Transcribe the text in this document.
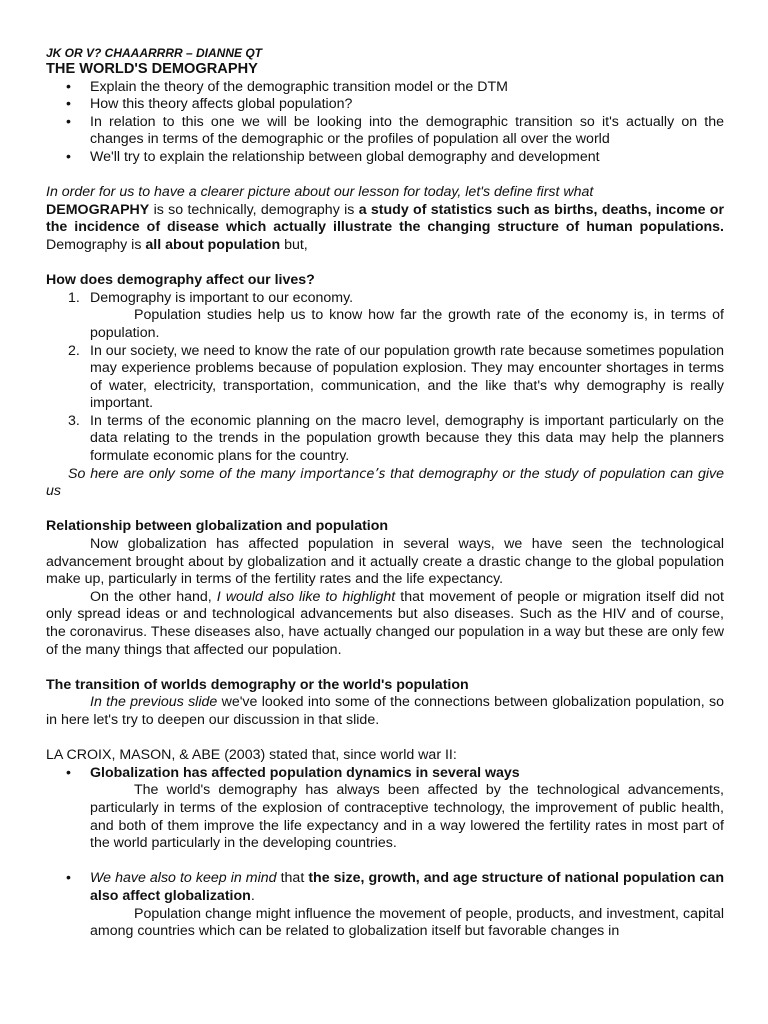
JK OR V? CHAAARRRR – DIANNE QT

THE WORLD'S DEMOGRAPHY

• Explain the theory of the demographic transition model or the DTM
• How this theory affects global population?
• In relation to this one we will be looking into the demographic transition so it's actually on the changes in terms of the demographic or the profiles of population all over the world
• We'll try to explain the relationship between global demography and development

In order for us to have a clearer picture about our lesson for today, let's define first what

DEMOGRAPHY is so technically, demography is a study of statistics such as births, deaths, income or the incidence of disease which actually illustrate the changing structure of human populations. Demography is all about population but,

How does demography affect our lives?

1. Demography is important to our economy.
Population studies help us to know how far the growth rate of the economy is, in terms of population.
2. In our society, we need to know the rate of our population growth rate because sometimes population may experience problems because of population explosion. They may encounter shortages in terms of water, electricity, transportation, communication, and the like that's why demography is really important.
3. In terms of the economic planning on the macro level, demography is important particularly on the data relating to the trends in the population growth because they this data may help the planners formulate economic plans for the country.

So here are only some of the many importance’s that demography or the study of population can give us

Relationship between globalization and population

Now globalization has affected population in several ways, we have seen the technological advancement brought about by globalization and it actually create a drastic change to the global population make up, particularly in terms of the fertility rates and the life expectancy.

On the other hand, I would also like to highlight that movement of people or migration itself did not only spread ideas or and technological advancements but also diseases. Such as the HIV and of course, the coronavirus. These diseases also, have actually changed our population in a way but these are only few of the many things that affected our population.

The transition of worlds demography or the world's population

In the previous slide we've looked into some of the connections between globalization population, so in here let's try to deepen our discussion in that slide.

LA CROIX, MASON, & ABE (2003) stated that, since world war II:

• Globalization has affected population dynamics in several ways

The world's demography has always been affected by the technological advancements, particularly in terms of the explosion of contraceptive technology, the improvement of public health, and both of them improve the life expectancy and in a way lowered the fertility rates in most part of the world particularly in the developing countries.

• We have also to keep in mind that the size, growth, and age structure of national population can also affect globalization.

Population change might influence the movement of people, products, and investment, capital among countries which can be related to globalization itself but favorable changes in
